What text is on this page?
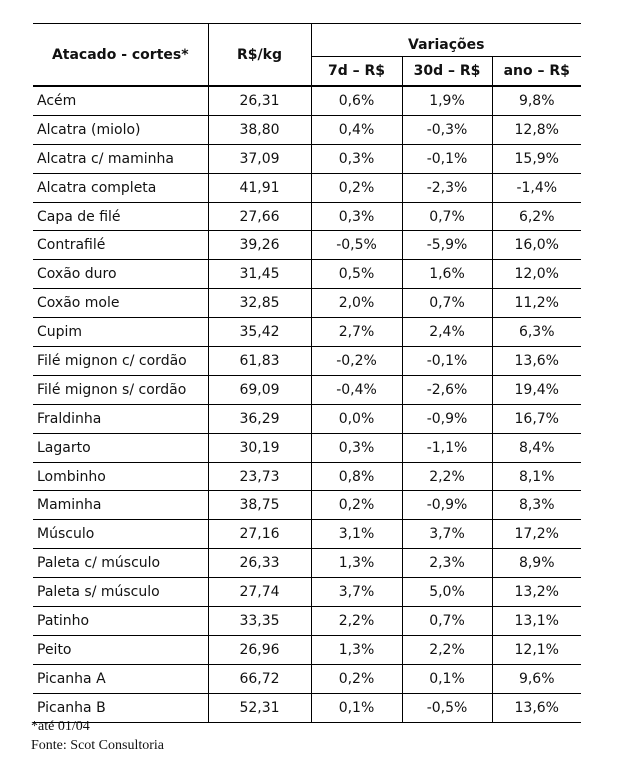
Atacado - cortes*	R$/kg	Variações		
		7d – R$	30d – R$	ano – R$
Acém	26,31	0,6%	1,9%	9,8%
Alcatra (miolo)	38,80	0,4%	-0,3%	12,8%
Alcatra c/ maminha	37,09	0,3%	-0,1%	15,9%
Alcatra completa	41,91	0,2%	-2,3%	-1,4%
Capa de filé	27,66	0,3%	0,7%	6,2%
Contrafilé	39,26	-0,5%	-5,9%	16,0%
Coxão duro	31,45	0,5%	1,6%	12,0%
Coxão mole	32,85	2,0%	0,7%	11,2%
Cupim	35,42	2,7%	2,4%	6,3%
Filé mignon c/ cordão	61,83	-0,2%	-0,1%	13,6%
Filé mignon s/ cordão	69,09	-0,4%	-2,6%	19,4%
Fraldinha	36,29	0,0%	-0,9%	16,7%
Lagarto	30,19	0,3%	-1,1%	8,4%
Lombinho	23,73	0,8%	2,2%	8,1%
Maminha	38,75	0,2%	-0,9%	8,3%
Músculo	27,16	3,1%	3,7%	17,2%
Paleta c/ músculo	26,33	1,3%	2,3%	8,9%
Paleta s/ músculo	27,74	3,7%	5,0%	13,2%
Patinho	33,35	2,2%	0,7%	13,1%
Peito	26,96	1,3%	2,2%	12,1%
Picanha A	66,72	0,2%	0,1%	9,6%
Picanha B	52,31	0,1%	-0,5%	13,6%
*até 01/04
Fonte: Scot Consultoria
